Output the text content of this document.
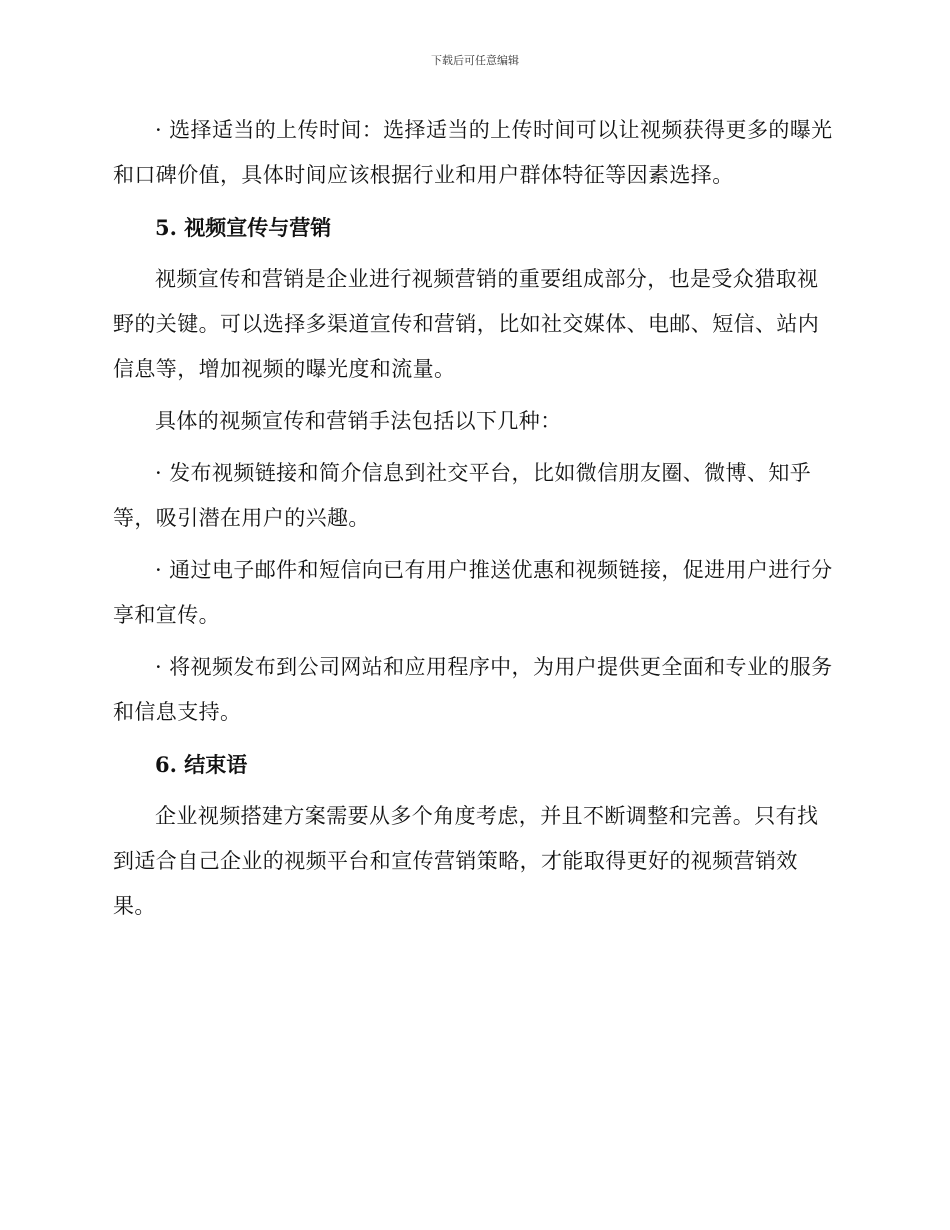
下载后可任意编辑

· 选择适当的上传时间：选择适当的上传时间可以让视频获得更多的曝光和口碑价值，具体时间应该根据行业和用户群体特征等因素选择。

5. 视频宣传与营销

视频宣传和营销是企业进行视频营销的重要组成部分，也是受众猎取视野的关键。可以选择多渠道宣传和营销，比如社交媒体、电邮、短信、站内信息等，增加视频的曝光度和流量。

具体的视频宣传和营销手法包括以下几种：

· 发布视频链接和简介信息到社交平台，比如微信朋友圈、微博、知乎等，吸引潜在用户的兴趣。

· 通过电子邮件和短信向已有用户推送优惠和视频链接，促进用户进行分享和宣传。

· 将视频发布到公司网站和应用程序中，为用户提供更全面和专业的服务和信息支持。

6. 结束语

企业视频搭建方案需要从多个角度考虑，并且不断调整和完善。只有找到适合自己企业的视频平台和宣传营销策略，才能取得更好的视频营销效果。
